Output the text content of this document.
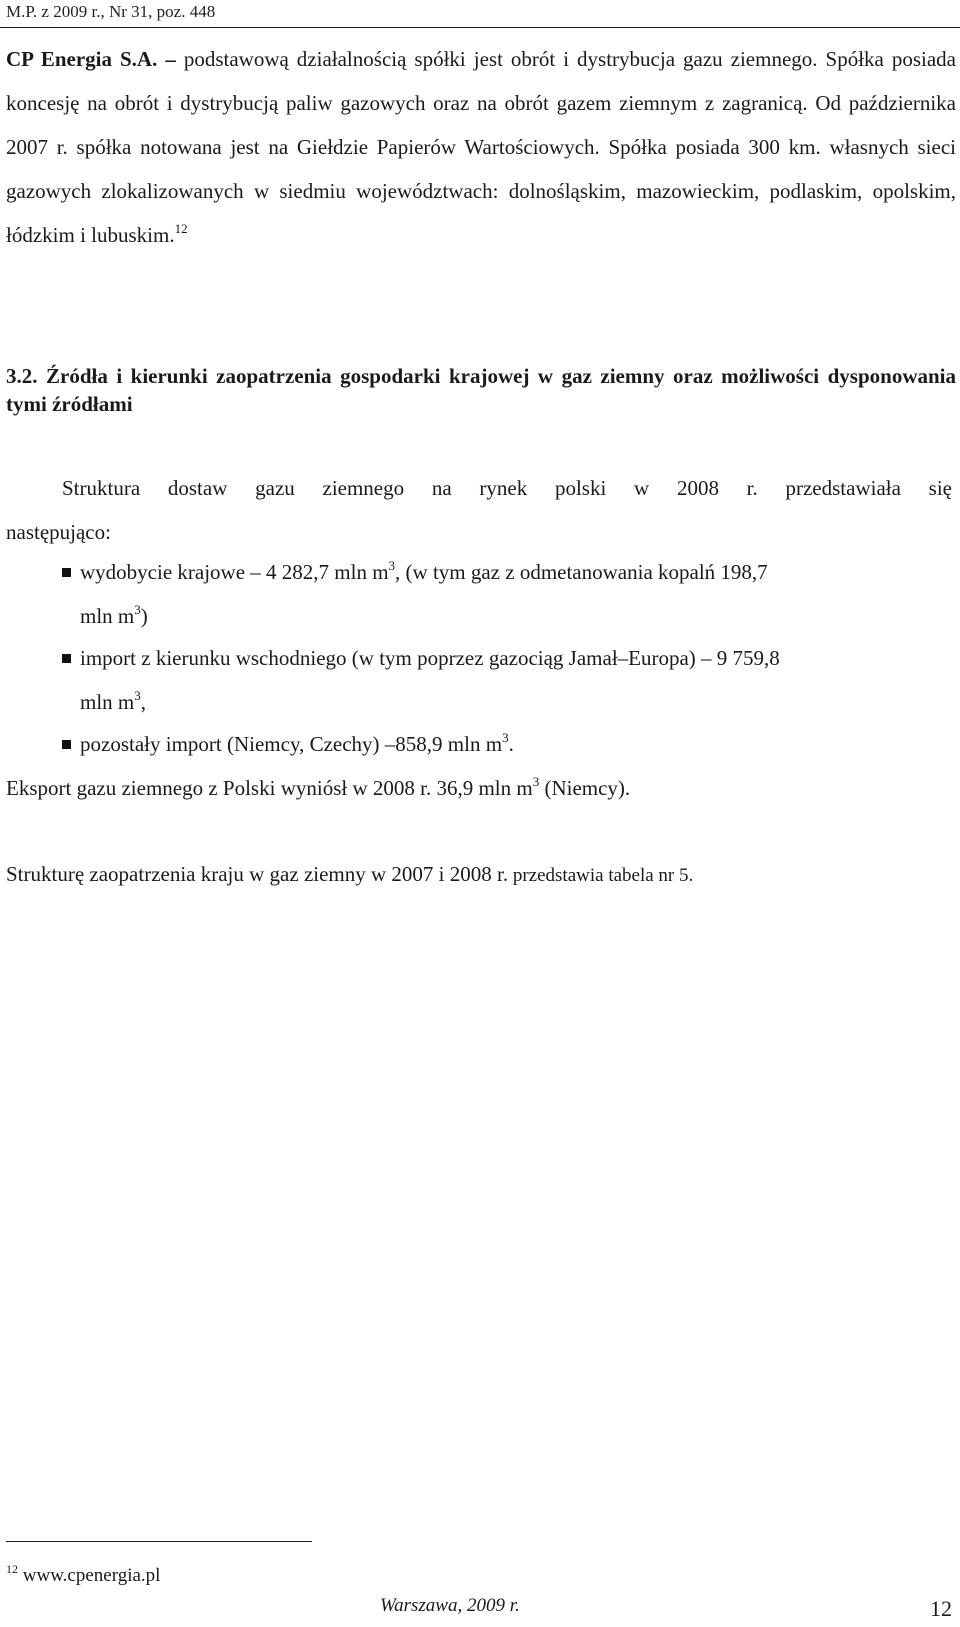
M.P. z 2009 r., Nr 31, poz. 448
CP Energia S.A. – podstawową działalnością spółki jest obrót i dystrybucja gazu ziemnego. Spółka posiada koncesję na obrót i dystrybucją paliw gazowych oraz na obrót gazem ziemnym z zagranicą. Od października 2007 r. spółka notowana jest na Giełdzie Papierów Wartościowych. Spółka posiada 300 km. własnych sieci gazowych zlokalizowanych w siedmiu województwach: dolnośląskim, mazowieckim, podlaskim, opolskim, łódzkim i lubuskim.$^{12}$
3.2. Źródła i kierunki zaopatrzenia gospodarki krajowej w gaz ziemny oraz możliwości dysponowania tymi źródłami
Struktura dostaw gazu ziemnego na rynek polski w 2008 r. przedstawiała się
następująco:
wydobycie krajowe – 4 282,7 mln $m^3$, (w tym gaz z odmetanowania kopalń 198,7
mln $m^3$)
import z kierunku wschodniego (w tym poprzez gazociąg Jamał–Europa) – 9 759,8
mln $m^3$,
pozostały import (Niemcy, Czechy) –858,9 mln $m^3$.
Eksport gazu ziemnego z Polski wyniósł w 2008 r. 36,9 mln $m^3$ (Niemcy).
Strukturę zaopatrzenia kraju w gaz ziemny w 2007 i 2008 r. przedstawia tabela nr 5.
$^{12}$ www.cpenergia.pl
Warszawa, 2009 r.	12
